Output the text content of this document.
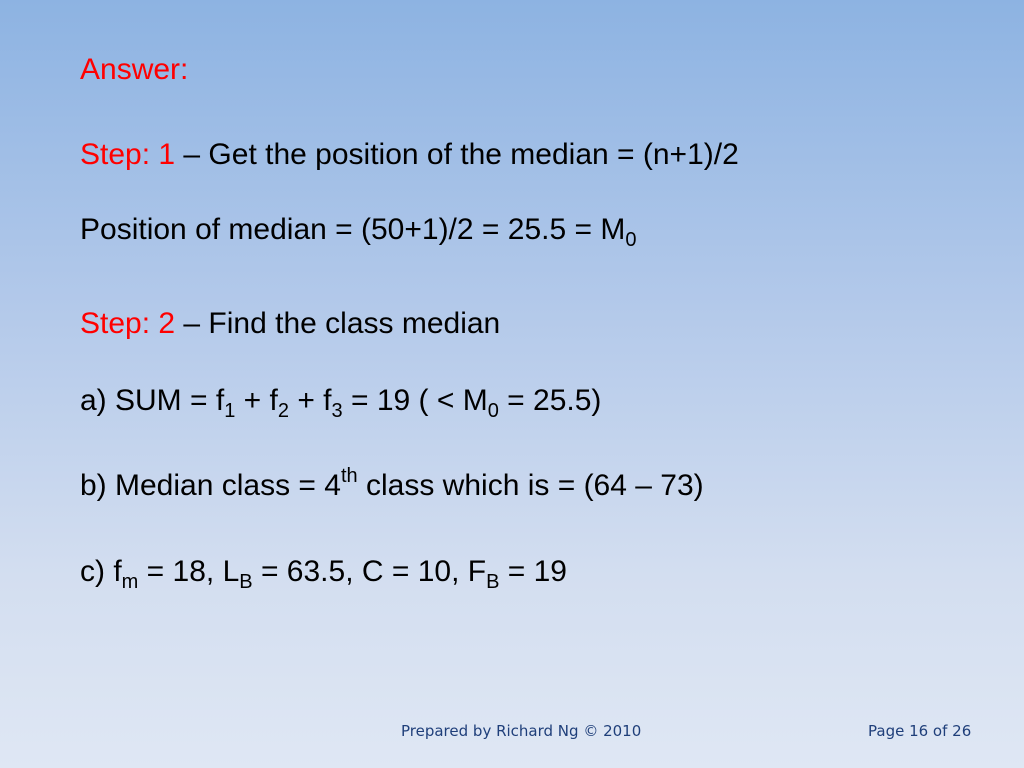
Answer:
Step: 1 – Get the position of the median = (n+1)/2
Position of median = $(50+1)/2 = 25.5 = M_0$
Step: 2 – Find the class median
a) SUM = $f_1 + f_2 + f_3 = 19$ ( < $M_0 = 25.5$)
b) Median class = 4th class which is = (64 – 73)
c) $f_m = 18$, $L_B = 63.5$, C = 10, $F_B = 19$
Prepared by Richard Ng © 2010	Page 16 of 26
